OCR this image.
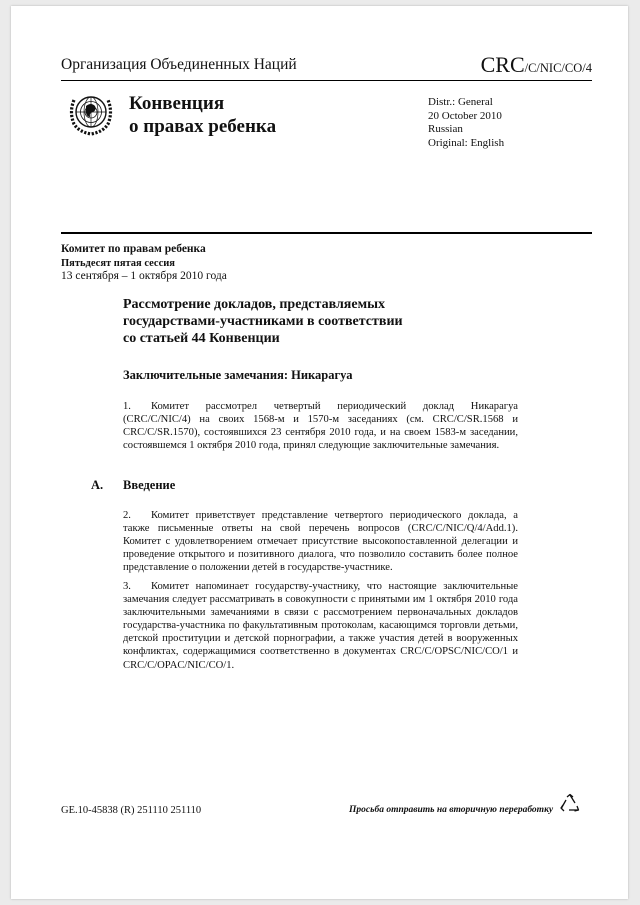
Организация Объединенных Наций	CRC/C/NIC/CO/4
Конвенция
о правах ребенка
Distr.: General
20 October 2010
Russian
Original: English
Комитет по правам ребенка
Пятьдесят пятая сессия
13 сентября – 1 октября 2010 года
Рассмотрение докладов, представляемых
государствами-участниками в соответствии
со статьей 44 Конвенции
Заключительные замечания: Никарагуа
1. Комитет рассмотрел четвертый периодический доклад Никарагуа (CRC/C/NIC/4) на своих 1568-м и 1570-м заседаниях (см. CRC/C/SR.1568 и CRC/C/SR.1570), состоявшихся 23 сентября 2010 года, и на своем 1583-м заседании, состоявшемся 1 октября 2010 года, принял следующие заключительные замечания.
A. Введение
2. Комитет приветствует представление четвертого периодического доклада, а также письменные ответы на свой перечень вопросов (CRC/C/NIC/Q/4/Add.1). Комитет с удовлетворением отмечает присутствие высокопоставленной делегации и проведение открытого и позитивного диалога, что позволило составить более полное представление о положении детей в государстве-участнике.
3. Комитет напоминает государству-участнику, что настоящие заключительные замечания следует рассматривать в совокупности с принятыми им 1 октября 2010 года заключительными замечаниями в связи с рассмотрением первоначальных докладов государства-участника по факультативным протоколам, касающимся торговли детьми, детской проституции и детской порнографии, а также участия детей в вооруженных конфликтах, содержащимися соответственно в документах CRC/C/OPSC/NIC/CO/1 и CRC/C/OPAC/NIC/CO/1.
GE.10-45838 (R) 251110 251110	Просьба отправить на вторичную переработку
